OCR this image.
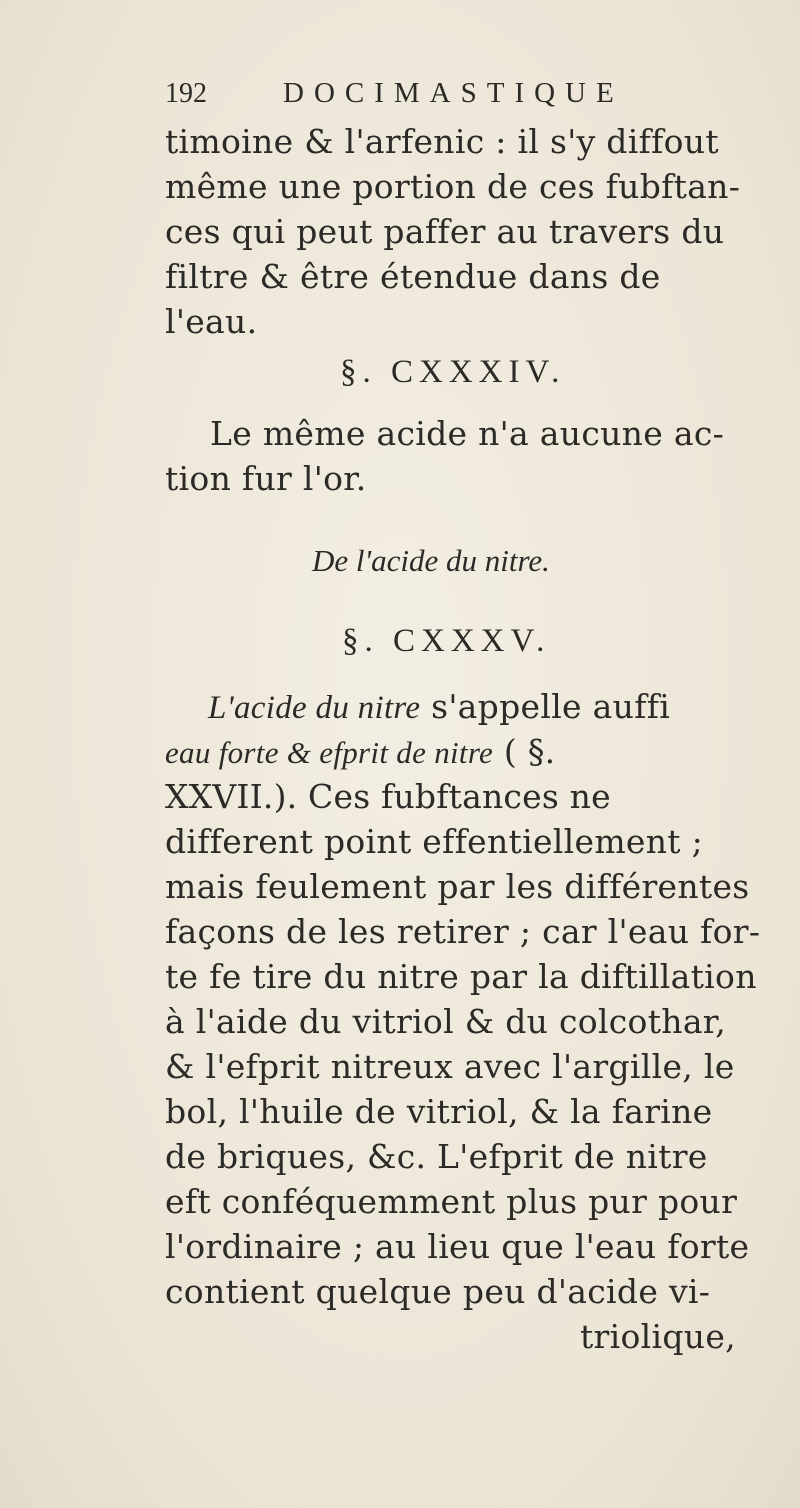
192	DOCIMASTIQUE
timoine & l'arfenic : il s'y diffout
même une portion de ces fubftan-
ces qui peut paffer au travers du
filtre & être étendue dans de
l'eau.
§. CXXXIV.
Le même acide n'a aucune ac-
tion fur l'or.
De l'acide du nitre.
§. CXXXV.
L'acide du nitre s'appelle auffi
eau forte & efprit de nitre ( §.
XXVII.). Ces fubftances ne
different point effentiellement ;
mais feulement par les différentes
façons de les retirer ; car l'eau for-
te fe tire du nitre par la diftillation
à l'aide du vitriol & du colcothar,
& l'efprit nitreux avec l'argille, le
bol, l'huile de vitriol, & la farine
de briques, &c. L'efprit de nitre
eft conféquemment plus pur pour
l'ordinaire ; au lieu que l'eau forte
contient quelque peu d'acide vi-
triolique,
